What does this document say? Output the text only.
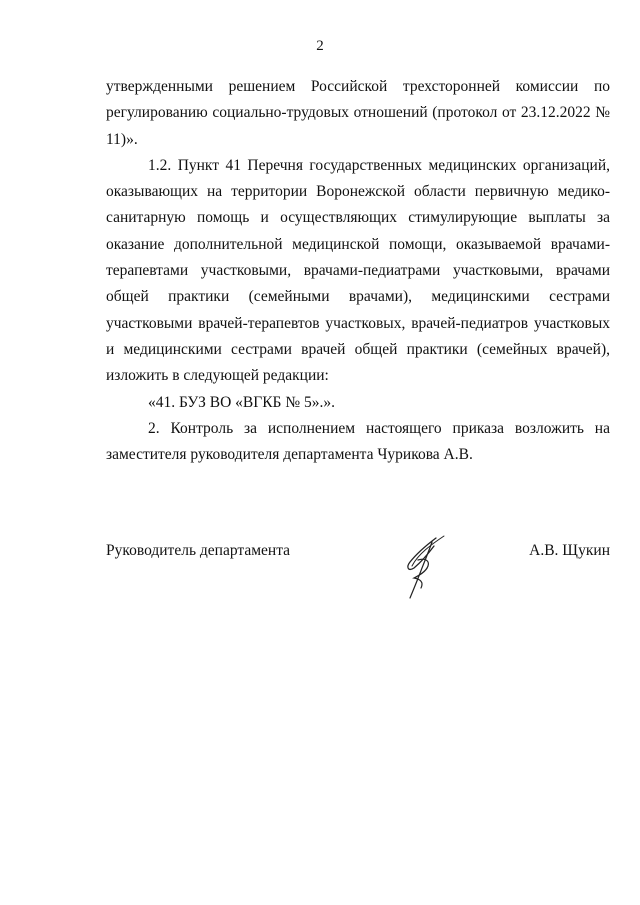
2

утвержденными решением Российской трехсторонней комиссии по регулированию социально-трудовых отношений (протокол от 23.12.2022 № 11)».

1.2. Пункт 41 Перечня государственных медицинских организаций, оказывающих на территории Воронежской области первичную медико-санитарную помощь и осуществляющих стимулирующие выплаты за оказание дополнительной медицинской помощи, оказываемой врачами-терапевтами участковыми, врачами-педиатрами участковыми, врачами общей практики (семейными врачами), медицинскими сестрами участковыми врачей-терапевтов участковых, врачей-педиатров участковых и медицинскими сестрами врачей общей практики (семейных врачей), изложить в следующей редакции:

«41. БУЗ ВО «ВГКБ № 5».».

2. Контроль за исполнением настоящего приказа возложить на заместителя руководителя департамента Чурикова А.В.

Руководитель департамента	А.В. Щукин
